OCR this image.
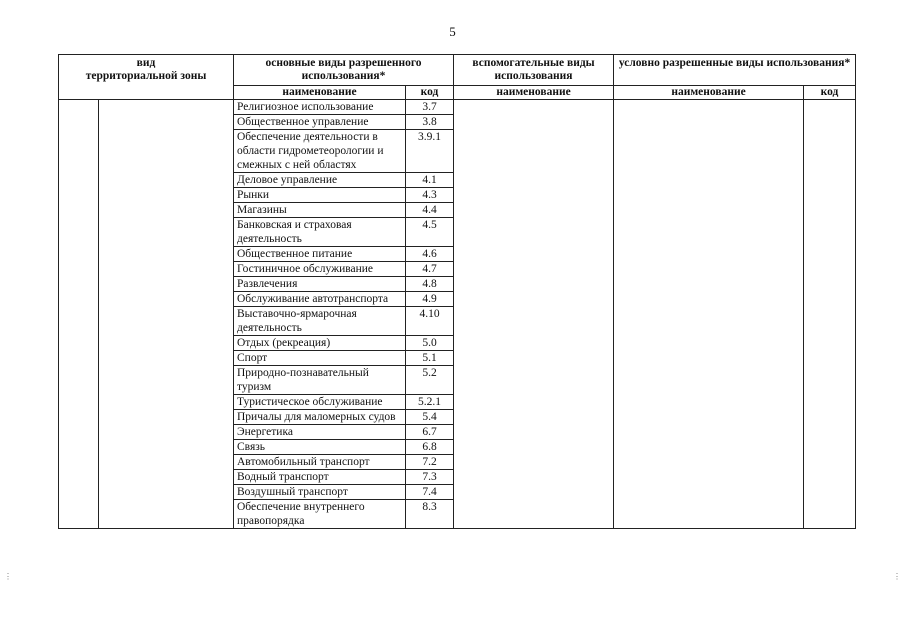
5
вид
территориальной зоны		основные виды разрешенного использования*		вспомогательные виды использования	условно разрешенные виды использования*	
		наименование	код	наименование	наименование	код
		Религиозное использование	3.7			
		Общественное управление	3.8			
		Обеспечение деятельности в области гидрометеорологии и смежных с ней областях	3.9.1			
		Деловое управление	4.1			
		Рынки	4.3			
		Магазины	4.4			
		Банковская и страховая деятельность	4.5			
		Общественное питание	4.6			
		Гостиничное обслуживание	4.7			
		Развлечения	4.8			
		Обслуживание автотранспорта	4.9			
		Выставочно-ярмарочная деятельность	4.10			
		Отдых (рекреация)	5.0			
		Спорт	5.1			
		Природно-познавательный туризм	5.2			
		Туристическое обслуживание	5.2.1			
		Причалы для маломерных судов	5.4			
		Энергетика	6.7			
		Связь	6.8			
		Автомобильный транспорт	7.2			
		Водный транспорт	7.3			
		Воздушный транспорт	7.4			
		Обеспечение внутреннего правопорядка	8.3			
⋮	⋮
